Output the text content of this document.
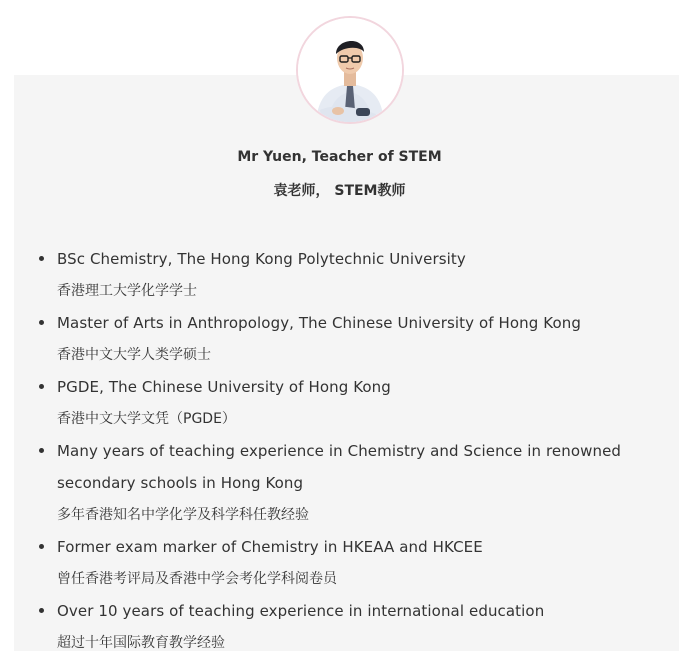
Mr Yuen, Teacher of STEM
袁老师， STEM教师
BSc Chemistry, The Hong Kong Polytechnic University
香港理工大学化学学士
Master of Arts in Anthropology, The Chinese University of Hong Kong
香港中文大学人类学硕士
PGDE, The Chinese University of Hong Kong
香港中文大学文凭（PGDE）
Many years of teaching experience in Chemistry and Science in renowned secondary schools in Hong Kong
多年香港知名中学化学及科学科任教经验
Former exam marker of Chemistry in HKEAA and HKCEE
曾任香港考评局及香港中学会考化学科阅卷员
Over 10 years of teaching experience in international education
超过十年国际教育教学经验
